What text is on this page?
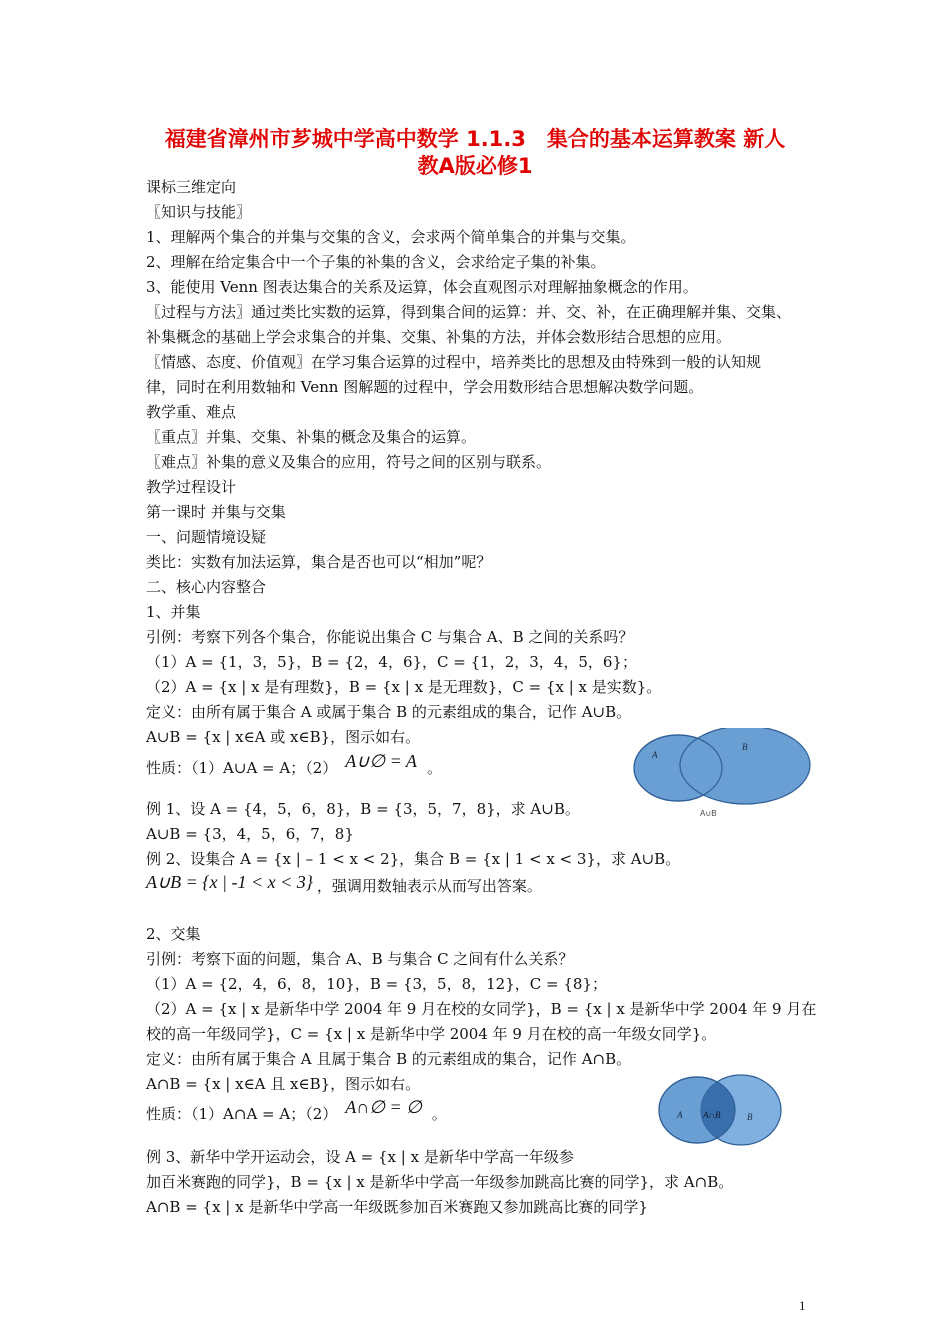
福建省漳州市芗城中学高中数学 1.1.3　集合的基本运算教案 新人
教A版必修1
课标三维定向
〖知识与技能〗
1、理解两个集合的并集与交集的含义，会求两个简单集合的并集与交集。
2、理解在给定集合中一个子集的补集的含义，会求给定子集的补集。
3、能使用 Venn 图表达集合的关系及运算，体会直观图示对理解抽象概念的作用。
〖过程与方法〗通过类比实数的运算，得到集合间的运算：并、交、补，在正确理解并集、交集、
补集概念的基础上学会求集合的并集、交集、补集的方法，并体会数形结合思想的应用。
〖情感、态度、价值观〗在学习集合运算的过程中，培养类比的思想及由特殊到一般的认知规
律，同时在利用数轴和 Venn 图解题的过程中，学会用数形结合思想解决数学问题。
教学重、难点
〖重点〗并集、交集、补集的概念及集合的运算。
〖难点〗补集的意义及集合的应用，符号之间的区别与联系。
教学过程设计
第一课时 并集与交集
一、问题情境设疑
类比：实数有加法运算，集合是否也可以“相加”呢？
二、核心内容整合
1、并集
引例：考察下列各个集合，你能说出集合 C 与集合 A、B 之间的关系吗？
（1）A = {1，3，5}，B = {2，4，6}，C = {1，2，3，4，5，6}；
（2）A = {x | x 是有理数}，B = {x | x 是无理数}，C = {x | x 是实数}。
定义：由所有属于集合 A 或属于集合 B 的元素组成的集合，记作 A∪B。
A∪B = {x | x∈A 或 x∈B}，图示如右。
性质：（1）A∪A = A；（2） A∪∅ = A 。
例 1、设 A = {4，5，6，8}，B = {3，5，7，8}，求 A∪B。
A∪B = {3，4，5，6，7，8}
例 2、设集合 A = {x | – 1 < x < 2}，集合 B = {x | 1 < x < 3}，求 A∪B。
A∪B = {x | -1 < x < 3} ，强调用数轴表示从而写出答案。
2、交集
引例：考察下面的问题，集合 A、B 与集合 C 之间有什么关系？
（1）A = {2，4，6，8，10}，B = {3，5，8，12}，C = {8}；
（2）A = {x | x 是新华中学 2004 年 9 月在校的女同学}，B = {x | x 是新华中学 2004 年 9 月在
校的高一年级同学}，C = {x | x 是新华中学 2004 年 9 月在校的高一年级女同学}。
定义：由所有属于集合 A 且属于集合 B 的元素组成的集合，记作 A∩B。
A∩B = {x | x∈A 且 x∈B}，图示如右。
性质：（1）A∩A = A；（2） A∩∅ = ∅ 。
例 3、新华中学开运动会，设 A = {x | x 是新华中学高一年级参
加百米赛跑的同学}，B = {x | x 是新华中学高一年级参加跳高比赛的同学}，求 A∩B。
A∩B = {x | x 是新华中学高一年级既参加百米赛跑又参加跳高比赛的同学}
A
B
A∪B
A A∩B	B
1
